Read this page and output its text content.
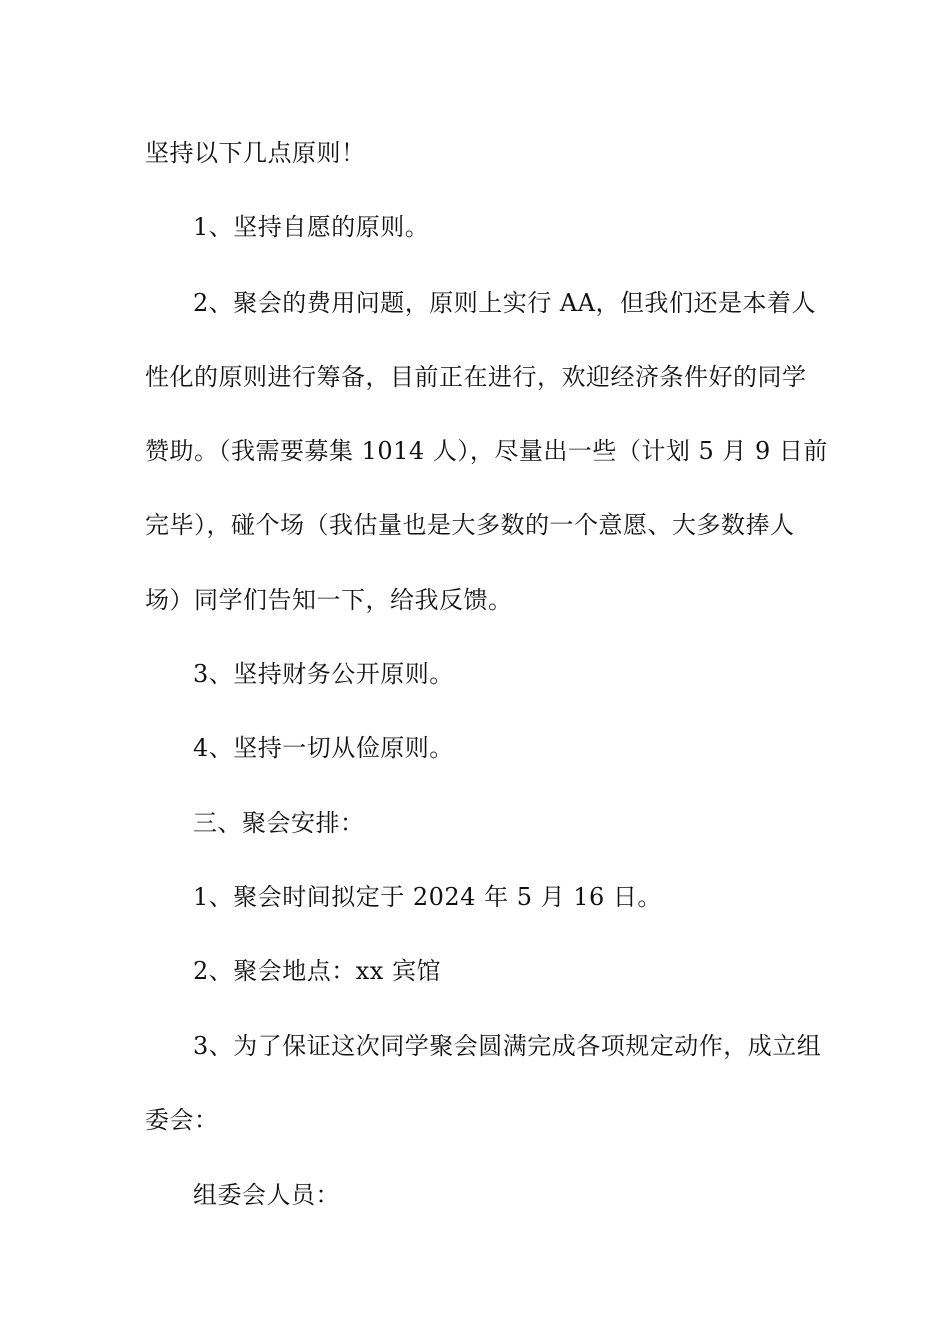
坚持以下几点原则！
1、坚持自愿的原则。
2、聚会的费用问题，原则上实行 AA，但我们还是本着人
性化的原则进行筹备，目前正在进行，欢迎经济条件好的同学
赞助。（我需要募集 1014 人），尽量出一些（计划 5 月 9 日前
完毕），碰个场（我估量也是大多数的一个意愿、大多数捧人
场）同学们告知一下，给我反馈。
3、坚持财务公开原则。
4、坚持一切从俭原则。
三、聚会安排：
1、聚会时间拟定于 2024 年 5 月 16 日。
2、聚会地点：xx 宾馆
3、为了保证这次同学聚会圆满完成各项规定动作，成立组
委会：
组委会人员：
